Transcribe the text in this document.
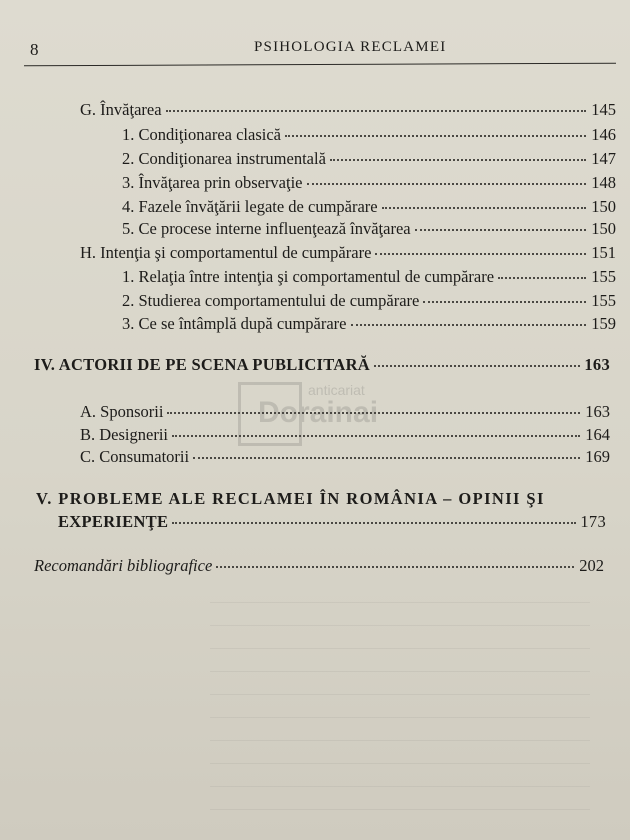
8	PSIHOLOGIA RECLAMEI
anticariat
Dorainai
G. Învăţarea	145
1. Condiţionarea clasică	146
2. Condiţionarea instrumentală	147
3. Învăţarea prin observaţie	148
4. Fazele învăţării legate de cumpărare	150
5. Ce procese interne influenţează învăţarea	150
H. Intenţia şi comportamentul de cumpărare	151
1. Relaţia între intenţia şi comportamentul de cumpărare	155
2. Studierea comportamentului de cumpărare	155
3. Ce se întâmplă după cumpărare	159
IV. ACTORII DE PE SCENA PUBLICITARĂ	163
A. Sponsorii	163
B. Designerii	164
C. Consumatorii	169
V. PROBLEME ALE RECLAMEI ÎN ROMÂNIA – OPINII ŞI
EXPERIENŢE	173
Recomandări bibliografice	202
